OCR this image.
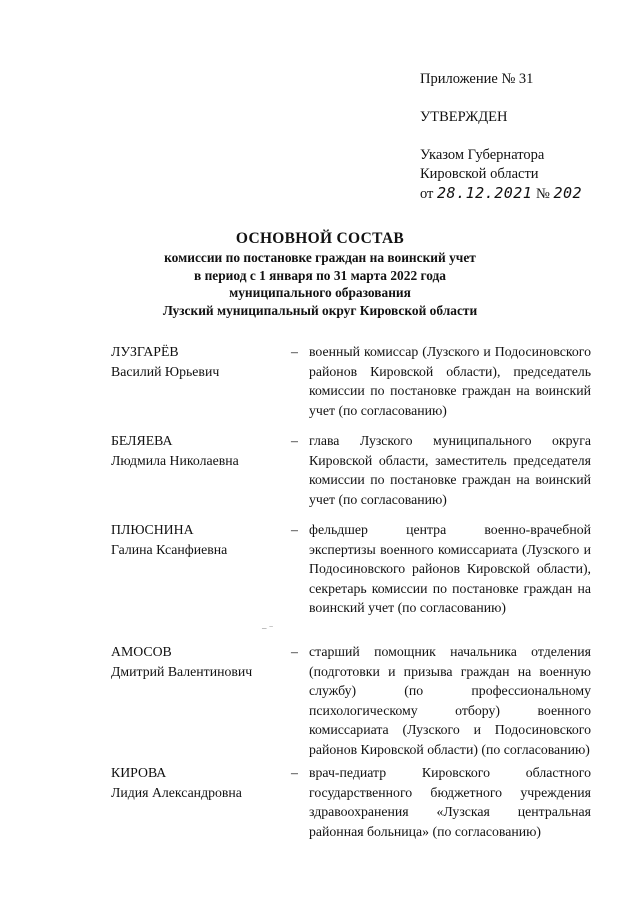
Приложение № 31
УТВЕРЖДЕН
Указом Губернатора
Кировской области
от 28.12.2021 № 202
ОСНОВНОЙ СОСТАВ
комиссии по постановке граждан на воинский учет
в период с 1 января по 31 марта 2022 года
муниципального образования
Лузский муниципальный округ Кировской области
ЛУЗГАРЁВ
Василий Юрьевич
– военный комиссар (Лузского и Подосиновского районов Кировской области), председатель комиссии по постановке граждан на воинский учет (по согласованию)
БЕЛЯЕВА
Людмила Николаевна
– глава Лузского муниципального округа Кировской области, заместитель председателя комиссии по постановке граждан на воинский учет (по согласованию)
ПЛЮСНИНА
Галина Ксанфиевна
– фельдшер центра военно-врачебной экспертизы военного комиссариата (Лузского и Подосиновского районов Кировской области), секретарь комиссии по постановке граждан на воинский учет (по согласованию)
– ⁻
АМОСОВ
Дмитрий Валентинович
– старший помощник начальника отделения (подготовки и призыва граждан на военную службу) (по профессиональному психологическому отбору) военного комиссариата (Лузского и Подосиновского районов Кировской области) (по согласованию)
КИРОВА
Лидия Александровна
– врач-педиатр Кировского областного государственного бюджетного учреждения здравоохранения «Лузская центральная районная больница» (по согласованию)
